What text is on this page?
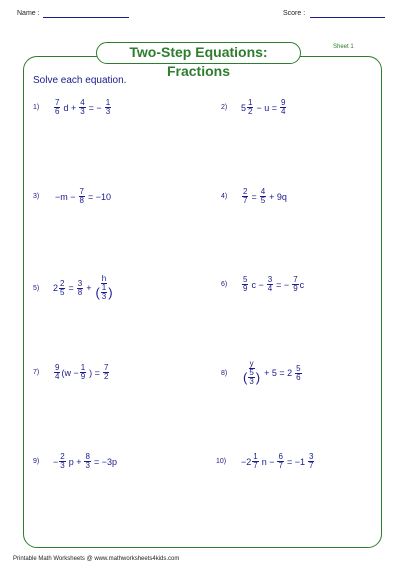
Name :	Score :
Two-Step Equations: Fractions
Sheet 1
Solve each equation.
1)	$\frac{7}{6}$ $d + \frac{4}{3}$ = − $\frac{1}{3}$	2)	$5 \frac{1}{2} - u = \frac{9}{4}$
3)	$-m - \frac{7}{8} = -10$	4)	$\frac{2}{7} = \frac{4}{5} + 9q$
5)	$2 \frac{2}{5} = \frac{3}{8} + \frac{h}{( \frac{1}{3} )}$	6)	$\frac{5}{9}$ $c - \frac{3}{4}$ = − $\frac{7}{9}$ c
7)	$\frac{9}{4} (w - \frac{1}{9}$ ) = $\frac{7}{2}$	8)	$\frac{y}{( \frac{5}{3} )} + 5 = 2 \frac{5}{6}$
9)	− $\frac{2}{3}$ $p + \frac{8}{3} = -3p$	10)	$-2 \frac{1}{7}$ $n - \frac{6}{7} = -1 \frac{3}{7}$
Printable Math Worksheets @ www.mathworksheets4kids.com
